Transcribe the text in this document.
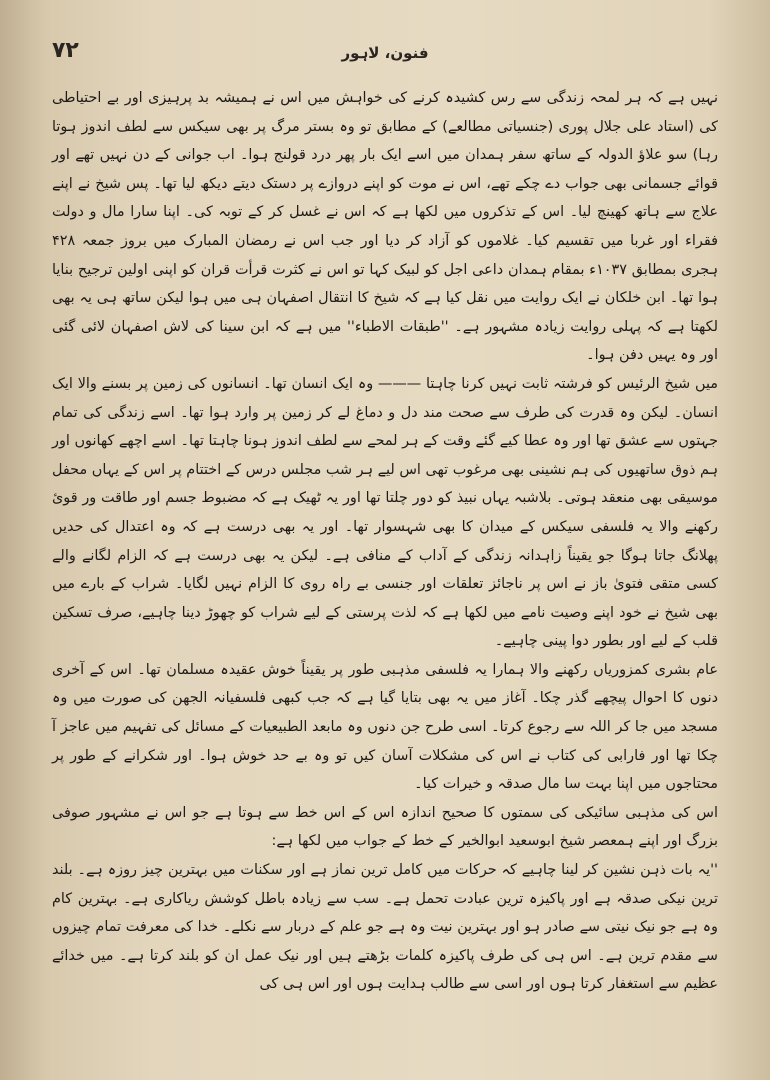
فنون، لاہور
۷۲

نہیں ہے کہ ہر لمحہ زندگی سے رس کشیدہ کرنے کی خواہش میں اس نے ہمیشہ بد پرہیزی اور بے احتیاطی کی (استاد علی جلال پوری (جنسیاتی مطالعے) کے مطابق تو وہ بستر مرگ پر بھی سیکس سے لطف اندوز ہوتا رہا) سو علاؤ الدولہ کے ساتھ سفر ہمدان میں اسے ایک بار پھر درد قولنج ہوا۔ اب جوانی کے دن نہیں تھے اور قوائے جسمانی بھی جواب دے چکے تھے، اس نے موت کو اپنے دروازے پر دستک دیتے دیکھ لیا تھا۔ پس شیخ نے اپنے علاج سے ہاتھ کھینچ لیا۔ اس کے تذکروں میں لکھا ہے کہ اس نے غسل کر کے توبہ کی۔ اپنا سارا مال و دولت فقراء اور غربا میں تقسیم کیا۔ غلاموں کو آزاد کر دیا اور جب اس نے رمضان المبارک میں بروز جمعہ ۴۲۸ ہجری بمطابق ۱۰۳۷ء بمقام ہمدان داعی اجل کو لبیک کہا تو اس نے کثرت قرأت قران کو اپنی اولین ترجیح بنایا ہوا تھا۔ ابن خلکان نے ایک روایت میں نقل کیا ہے کہ شیخ کا انتقال اصفہان ہی میں ہوا لیکن ساتھ ہی یہ بھی لکھتا ہے کہ پہلی روایت زیادہ مشہور ہے۔ ''طبقات الاطباء'' میں ہے کہ ابن سینا کی لاش اصفہان لائی گئی اور وہ یہیں دفن ہوا۔

میں شیخ الرئیس کو فرشتہ ثابت نہیں کرنا چاہتا ——— وہ ایک انسان تھا۔ انسانوں کی زمین پر بسنے والا ایک انسان۔ لیکن وہ قدرت کی طرف سے صحت مند دل و دماغ لے کر زمین پر وارد ہوا تھا۔ اسے زندگی کی تمام جہتوں سے عشق تھا اور وہ عطا کیے گئے وقت کے ہر لمحے سے لطف اندوز ہونا چاہتا تھا۔ اسے اچھے کھانوں اور ہم ذوق ساتھیوں کی ہم نشینی بھی مرغوب تھی اس لیے ہر شب مجلس درس کے اختتام پر اس کے یہاں محفل موسیقی بھی منعقد ہوتی۔ بلاشبہ یہاں نبیذ کو دور چلتا تھا اور یہ ٹھیک ہے کہ مضبوط جسم اور طاقت ور قوئ رکھنے والا یہ فلسفی سیکس کے میدان کا بھی شہسوار تھا۔ اور یہ بھی درست ہے کہ وہ اعتدال کی حدیں پھلانگ جاتا ہوگا جو یقیناً زاہدانہ زندگی کے آداب کے منافی ہے۔ لیکن یہ بھی درست ہے کہ الزام لگانے والے کسی متقی فتویٰ باز نے اس پر ناجائز تعلقات اور جنسی بے راہ روی کا الزام نہیں لگایا۔ شراب کے بارے میں بھی شیخ نے خود اپنے وصیت نامے میں لکھا ہے کہ لذت پرستی کے لیے شراب کو چھوڑ دینا چاہیے، صرف تسکین قلب کے لیے اور بطور دوا پینی چاہیے۔

عام بشری کمزوریاں رکھنے والا ہمارا یہ فلسفی مذہبی طور پر یقیناً خوش عقیدہ مسلمان تھا۔ اس کے آخری دنوں کا احوال پیچھے گذر چکا۔ آغاز میں یہ بھی بتایا گیا ہے کہ جب کبھی فلسفیانہ الجھن کی صورت میں وہ مسجد میں جا کر اللہ سے رجوع کرتا۔ اسی طرح جن دنوں وہ مابعد الطبیعیات کے مسائل کی تفہیم میں عاجز آ چکا تھا اور فارابی کی کتاب نے اس کی مشکلات آسان کیں تو وہ بے حد خوش ہوا۔ اور شکرانے کے طور پر محتاجوں میں اپنا بہت سا مال صدقہ و خیرات کیا۔

اس کی مذہبی سائیکی کی سمتوں کا صحیح اندازہ اس کے اس خط سے ہوتا ہے جو اس نے مشہور صوفی بزرگ اور اپنے ہمعصر شیخ ابوسعید ابوالخیر کے خط کے جواب میں لکھا ہے:

''یہ بات ذہن نشین کر لینا چاہیے کہ حرکات میں کامل ترین نماز ہے اور سکنات میں بہترین چیز روزہ ہے۔ بلند ترین نیکی صدقہ ہے اور پاکیزہ ترین عبادت تحمل ہے۔ سب سے زیادہ باطل کوشش ریاکاری ہے۔ بہترین کام وہ ہے جو نیک نیتی سے صادر ہو اور بہترین نیت وہ ہے جو علم کے دربار سے نکلے۔ خدا کی معرفت تمام چیزوں سے مقدم ترین ہے۔ اس ہی کی طرف پاکیزہ کلمات بڑھتے ہیں اور نیک عمل ان کو بلند کرتا ہے۔ میں خدائے عظیم سے استغفار کرتا ہوں اور اسی سے طالب ہدایت ہوں اور اس ہی کی
